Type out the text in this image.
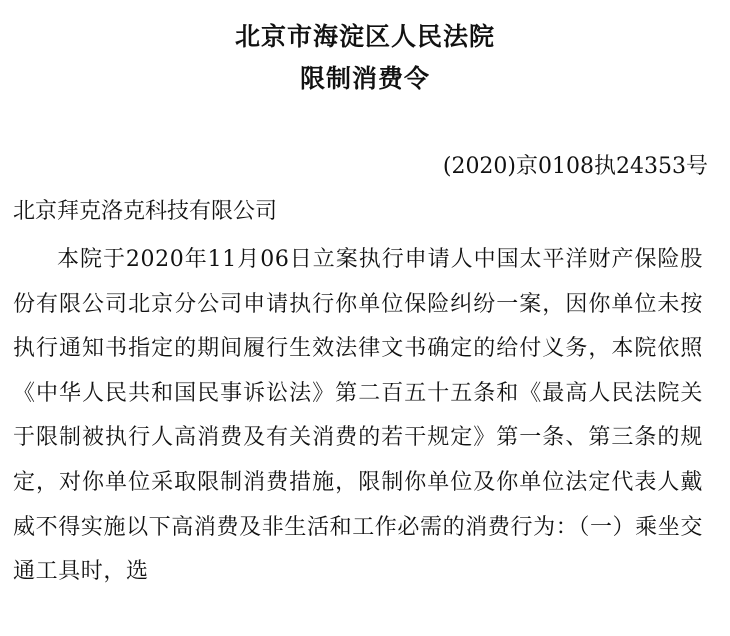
北京市海淀区人民法院
限制消费令
(2020)京0108执24353号
北京拜克洛克科技有限公司
本院于2020年11月06日立案执行申请人中国太平洋财产保险股份有限公司北京分公司申请执行你单位保险纠纷一案，因你单位未按执行通知书指定的期间履行生效法律文书确定的给付义务，本院依照《中华人民共和国民事诉讼法》第二百五十五条和《最高人民法院关于限制被执行人高消费及有关消费的若干规定》第一条、第三条的规定，对你单位采取限制消费措施，限制你单位及你单位法定代表人戴威不得实施以下高消费及非生活和工作必需的消费行为：（一）乘坐交通工具时，选
